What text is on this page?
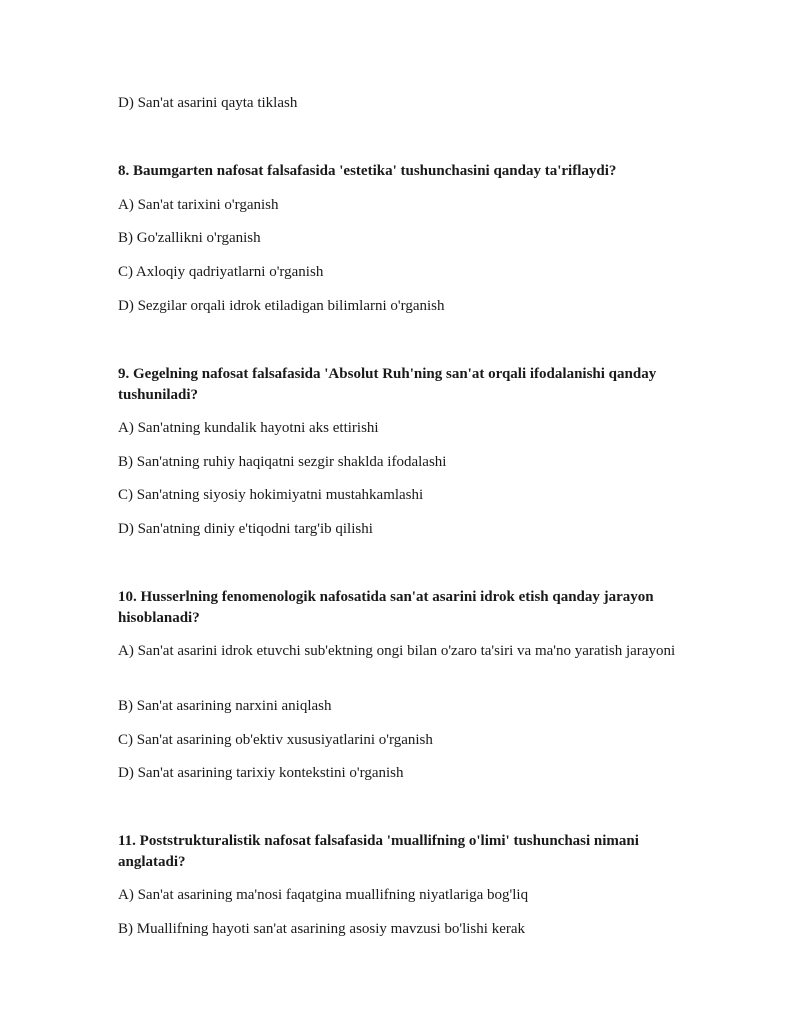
D) San'at asarini qayta tiklash
8. Baumgarten nafosat falsafasida 'estetika' tushunchasini qanday ta'riflaydi?
A) San'at tarixini o'rganish
B) Go'zallikni o'rganish
C) Axloqiy qadriyatlarni o'rganish
D) Sezgilar orqali idrok etiladigan bilimlarni o'rganish
9. Gegelning nafosat falsafasida 'Absolut Ruh'ning san'at orqali ifodalanishi qanday tushuniladi?
A) San'atning kundalik hayotni aks ettirishi
B) San'atning ruhiy haqiqatni sezgir shaklda ifodalashi
C) San'atning siyosiy hokimiyatni mustahkamlashi
D) San'atning diniy e'tiqodni targ'ib qilishi
10. Husserlning fenomenologik nafosatida san'at asarini idrok etish qanday jarayon hisoblanadi?
A) San'at asarini idrok etuvchi sub'ektning ongi bilan o'zaro ta'siri va ma'no yaratish jarayoni
B) San'at asarining narxini aniqlash
C) San'at asarining ob'ektiv xususiyatlarini o'rganish
D) San'at asarining tarixiy kontekstini o'rganish
11. Poststrukturalistik nafosat falsafasida 'muallifning o'limi' tushunchasi nimani anglatadi?
A) San'at asarining ma'nosi faqatgina muallifning niyatlariga bog'liq
B) Muallifning hayoti san'at asarining asosiy mavzusi bo'lishi kerak
